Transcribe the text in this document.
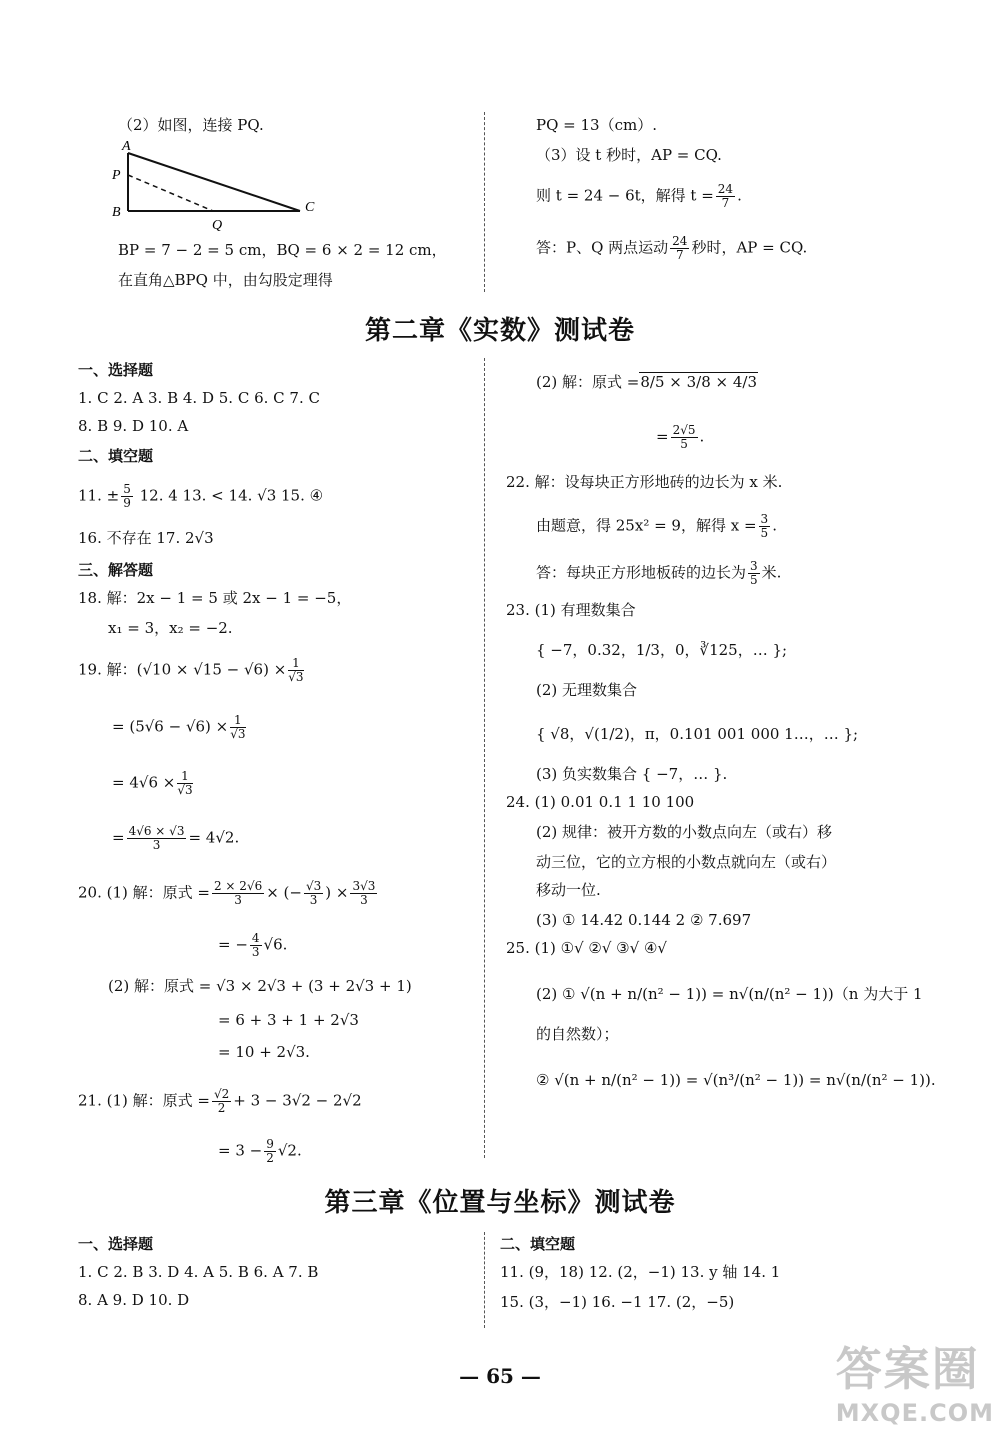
（2）如图，连接 PQ.
A
P
B
Q
C
BP = 7 − 2 = 5 cm，BQ = 6 × 2 = 12 cm，
在直角△BPQ 中，由勾股定理得
PQ = 13（cm）.
（3）设 t 秒时，AP = CQ.
则 t = 24 − 6t，解得 $t = \frac{24}{7}$ .
答：P、Q 两点运动 $\frac{24}{7}$ 秒时，AP = CQ.
第二章《实数》测试卷
一、选择题
1. C 2. A 3. B 4. D 5. C 6. C 7. C
8. B 9. D 10. A
二、填空题
11. ± $\frac{5}{9} 12$. 4 13. < 14. √3 15. ④
16. 不存在 17. 2√3
三、解答题
18. 解：2x − 1 = 5 或 2x − 1 = −5，
x₁ = 3，x₂ = −2.
19. 解：$(√10 \times √15 - √6) \times \frac{1}{√3}$
= $(5√6 - √6) \times \frac{1}{√3}$
= $4√6 \times \frac{1}{√3}$
= $\frac{4√6 \times √3}{3} = 4√2$.
20. (1) 解：原式 = $\frac{2 \times 2√6}{3}$ × (− $\frac{√3}{3}$ ) × $\frac{3√3}{3}$
= − $\frac{4}{3} √6$.
(2) 解：原式 = √3 × 2√3 + (3 + 2√3 + 1)
= 6 + 3 + 1 + 2√3
= 10 + 2√3.
21. (1) 解：原式 = $\frac{√2}{2} + 3 - 3√2 - 2√2$
= $3 - \frac{9}{2} √2$.
(2) 解：原式 =8/5 × 3/8 × 4/3
= $\frac{2√5}{5}$ .
22. 解：设每块正方形地砖的边长为 x 米.
由题意，得 25x² = 9，解得 $x = \frac{3}{5}$ .
答：每块正方形地板砖的边长为 $\frac{3}{5}$ 米.
23. (1) 有理数集合
{ −7，0.32，1/3，0，∛125，… };
(2) 无理数集合
{ √8，√(1/2)，π，0.101 001 000 1…，… };
(3) 负实数集合 { −7，… }.
24. (1) 0.01 0.1 1 10 100
(2) 规律：被开方数的小数点向左（或右）移
动三位，它的立方根的小数点就向左（或右）
移动一位.
(3) ① 14.42 0.144 2 ② 7.697
25. (1) ①√ ②√ ③√ ④√
(2) ① √(n + n/(n² − 1)) = n√(n/(n² − 1))（n 为大于 1
的自然数）；
② √(n + n/(n² − 1)) = √(n³/(n² − 1)) = n√(n/(n² − 1)).
第三章《位置与坐标》测试卷
一、选择题
1. C 2. B 3. D 4. A 5. B 6. A 7. B
8. A 9. D 10. D
二、填空题
11. (9，18) 12. (2，−1) 13. y 轴 14. 1
15. (3，−1) 16. −1 17. (2，−5)
— 65 —	答案圈
MXQE.COM
